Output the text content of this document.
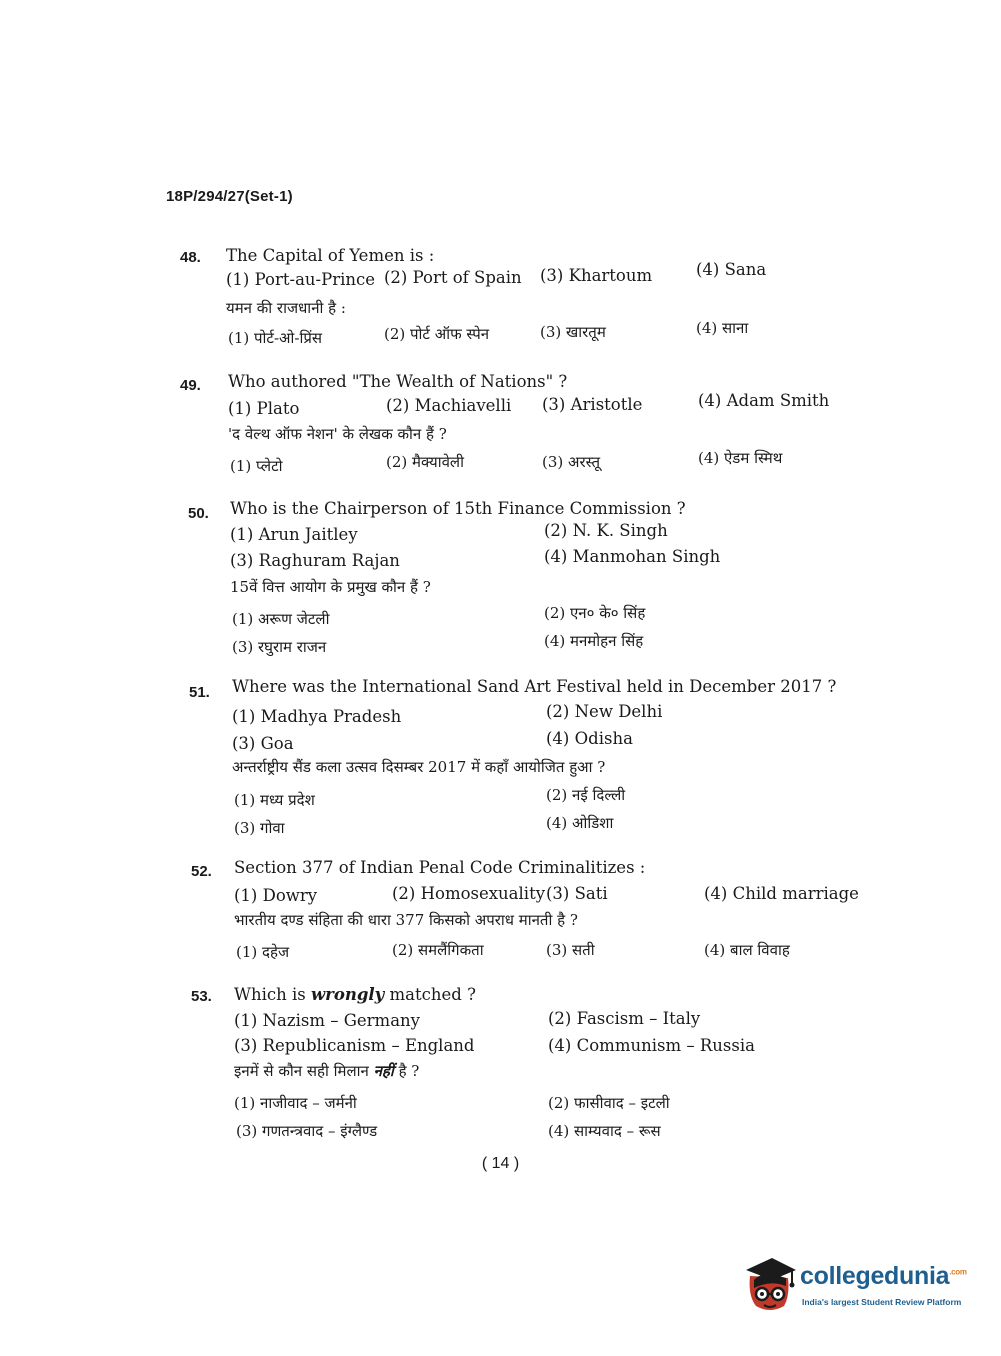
18P/294/27(Set-1)
48. The Capital of Yemen is :
(1) Port-au-Prince (2) Port of Spain (3) Khartoum	(4) Sana
यमन की राजधानी है :
(1) पोर्ट-ओ-प्रिंस	(2) पोर्ट ऑफ स्पेन	(3) खारतूम	(4) साना
49. Who authored "The Wealth of Nations" ?
(1) Plato	(2) Machiavelli (3) Aristotle	(4) Adam Smith
'द वेल्थ ऑफ नेशन' के लेखक कौन हैं ?
(1) प्लेटो	(2) मैक्यावेली	(3) अरस्तू	(4) ऐडम स्मिथ
50. Who is the Chairperson of 15th Finance Commission ?
(1) Arun Jaitley	(2) N. K. Singh
(3) Raghuram Rajan	(4) Manmohan Singh
15वें वित्त आयोग के प्रमुख कौन हैं ?
(1) अरूण जेटली	(2) एन० के० सिंह
(3) रघुराम राजन	(4) मनमोहन सिंह
51. Where was the International Sand Art Festival held in December 2017 ?
(1) Madhya Pradesh	(2) New Delhi
(3) Goa	(4) Odisha
अन्तर्राष्ट्रीय सैंड कला उत्सव दिसम्बर 2017 में कहाँ आयोजित हुआ ?
(1) मध्य प्रदेश	(2) नई दिल्ली
(3) गोवा	(4) ओडिशा
52. Section 377 of Indian Penal Code Criminalitizes :
(1) Dowry	(2) Homosexuality (3) Sati	(4) Child marriage
भारतीय दण्ड संहिता की धारा 377 किसको अपराध मानती है ?
(1) दहेज	(2) समलैंगिकता	(3) सती	(4) बाल विवाह
53. Which is wrongly matched ?
(1) Nazism – Germany	(2) Fascism – Italy
(3) Republicanism – England	(4) Communism – Russia
इनमें से कौन सही मिलान नहीं है ?
(1) नाजीवाद – जर्मनी	(2) फासीवाद – इटली
(3) गणतन्त्रवाद – इंग्लैण्ड	(4) साम्यवाद – रूस
( 14 )
collegedunia$^{.com}$
India's largest Student Review Platform
